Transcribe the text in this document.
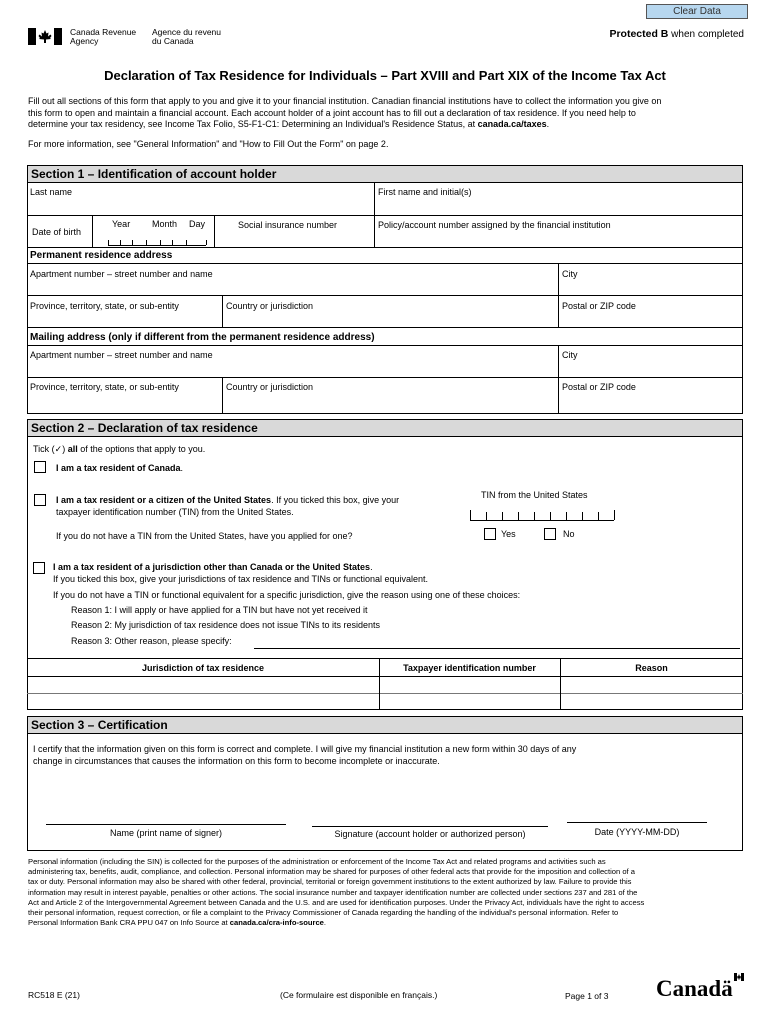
Clear Data
Canada Revenue
Agency
Agence du revenu
du Canada
Protected B when completed
Declaration of Tax Residence for Individuals – Part XVIII and Part XIX of the Income Tax Act
Fill out all sections of this form that apply to you and give it to your financial institution. Canadian financial institutions have to collect the information you give on
this form to open and maintain a financial account. Each account holder of a joint account has to fill out a declaration of tax residence. If you need help to
determine your tax residency, see Income Tax Folio, S5-F1-C1: Determining an Individual's Residence Status, at canada.ca/taxes.
For more information, see "General Information" and "How to Fill Out the Form" on page 2.
Section 1 – Identification of account holder
Last name	First name and initial(s)
Date of birth
Year Month Day	Social insurance number	Policy/account number assigned by the financial institution
Permanent residence address
Apartment number – street number and name	City
Province, territory, state, or sub-entity	Country or jurisdiction	Postal or ZIP code
Mailing address (only if different from the permanent residence address)
Apartment number – street number and name	City
Province, territory, state, or sub-entity	Country or jurisdiction	Postal or ZIP code
Section 2 – Declaration of tax residence
Tick (✓) all of the options that apply to you.
I am a tax resident of Canada.
I am a tax resident or a citizen of the United States. If you ticked this box, give your
taxpayer identification number (TIN) from the United States.
TIN from the United States
If you do not have a TIN from the United States, have you applied for one?	Yes	No
I am a tax resident of a jurisdiction other than Canada or the United States.
If you ticked this box, give your jurisdictions of tax residence and TINs or functional equivalent.
If you do not have a TIN or functional equivalent for a specific jurisdiction, give the reason using one of these choices:
Reason 1: I will apply or have applied for a TIN but have not yet received it
Reason 2: My jurisdiction of tax residence does not issue TINs to its residents
Reason 3: Other reason, please specify:
Jurisdiction of tax residence	Taxpayer identification number	Reason
Section 3 – Certification
I certify that the information given on this form is correct and complete. I will give my financial institution a new form within 30 days of any
change in circumstances that causes the information on this form to become incomplete or inaccurate.
Name (print name of signer)	Signature (account holder or authorized person)	Date (YYYY-MM-DD)
Personal information (including the SIN) is collected for the purposes of the administration or enforcement of the Income Tax Act and related programs and activities such as
administering tax, benefits, audit, compliance, and collection. Personal information may be shared for purposes of other federal acts that provide for the imposition and collection of a
tax or duty. Personal information may also be shared with other federal, provincial, territorial or foreign government institutions to the extent authorized by law. Failure to provide this
information may result in interest payable, penalties or other actions. The social insurance number and taxpayer identification number are collected under sections 237 and 281 of the
Act and Article 2 of the Intergovernmental Agreement between Canada and the U.S. and are used for identification purposes. Under the Privacy Act, individuals have the right to access
their personal information, request correction, or file a complaint to the Privacy Commissioner of Canada regarding the handling of the individual's personal information. Refer to
Personal Information Bank CRA PPU 047 on Info Source at canada.ca/cra-info-source.
RC518 E (21)	(Ce formulaire est disponible en français.)	Page 1 of 3 Canadä
